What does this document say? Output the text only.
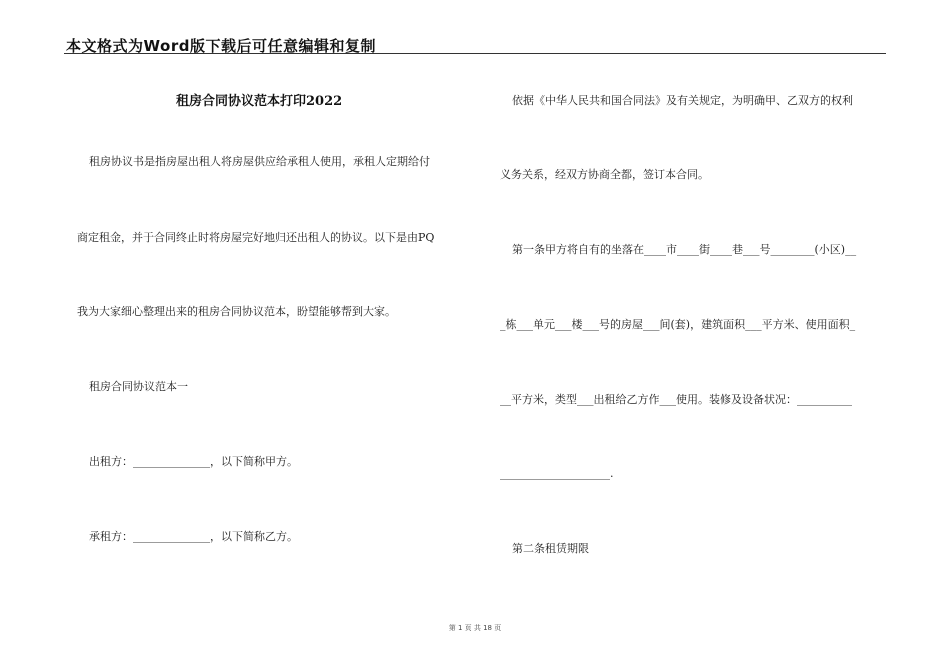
本文格式为Word版下载后可任意编辑和复制
租房合同协议范本打印2022
租房协议书是指房屋出租人将房屋供应给承租人使用，承租人定期给付
商定租金，并于合同终止时将房屋完好地归还出租人的协议。以下是由PQ
我为大家细心整理出来的租房合同协议范本，盼望能够帮到大家。
租房合同协议范本一
出租方：______________，以下简称甲方。
承租方：______________，以下简称乙方。
依据《中华人民共和国合同法》及有关规定，为明确甲、乙双方的权利
义务关系，经双方协商全都，签订本合同。
第一条甲方将自有的坐落在____市____街____巷___号________(小区)__
_栋___单元___楼___号的房屋___间(套)，建筑面积___平方米、使用面积_
__平方米，类型___出租给乙方作___使用。装修及设备状况：__________
____________________.
第二条租赁期限
第 1 页 共 18 页
